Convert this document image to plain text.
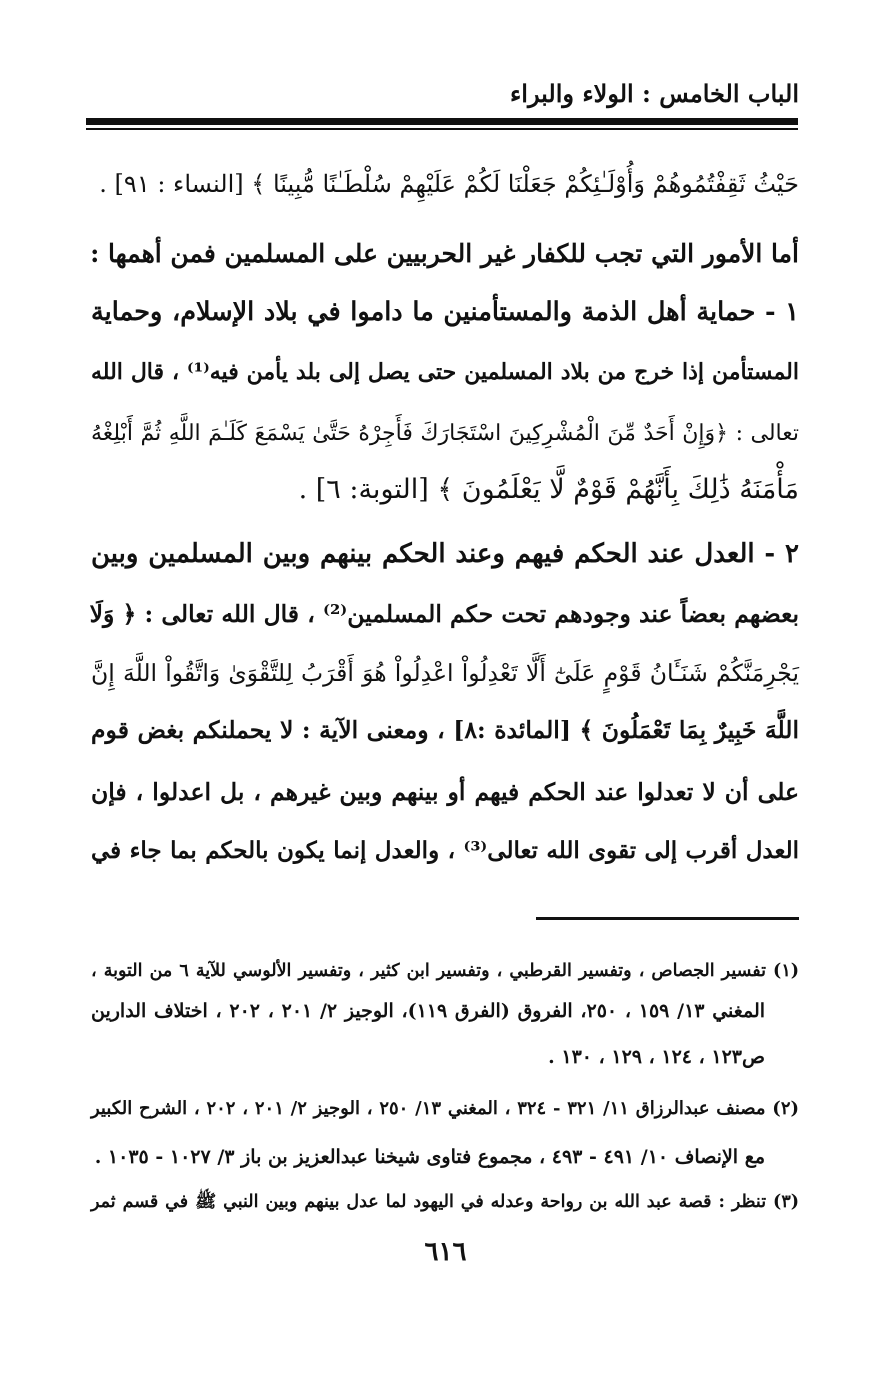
الباب الخامس : الولاء والبراء
حَيْثُ ثَقِفْتُمُوهُمْ وَأُوْلَـٰئِكُمْ جَعَلْنَا لَكُمْ عَلَيْهِمْ سُلْطَـٰنًا مُّبِينًا ﴾ [النساء : ٩١] .
أما الأمور التي تجب للكفار غير الحربيين على المسلمين فمن أهمها :
١ - حماية أهل الذمة والمستأمنين ما داموا في بلاد الإسلام، وحماية
المستأمن إذا خرج من بلاد المسلمين حتى يصل إلى بلد يأمن فيه⁽¹⁾ ، قال الله
تعالى : ﴿وَإِنْ أَحَدٌ مِّنَ الْمُشْرِكِينَ اسْتَجَارَكَ فَأَجِرْهُ حَتَّىٰ يَسْمَعَ كَلَـٰمَ اللَّهِ ثُمَّ أَبْلِغْهُ
مَأْمَنَهُ ذَٰلِكَ بِأَنَّهُمْ قَوْمٌ لَّا يَعْلَمُونَ ﴾ [التوبة: ٦] .
٢ - العدل عند الحكم فيهم وعند الحكم بينهم وبين المسلمين وبين
بعضهم بعضاً عند وجودهم تحت حكم المسلمين⁽²⁾ ، قال الله تعالى : ﴿ وَلَا
يَجْرِمَنَّكُمْ شَنَـَٔانُ قَوْمٍ عَلَىٰٓ أَلَّا تَعْدِلُواْ اعْدِلُواْ هُوَ أَقْرَبُ لِلتَّقْوَىٰ وَاتَّقُواْ اللَّهَ إِنَّ
اللَّهَ خَبِيرٌ بِمَا تَعْمَلُونَ ﴾ [المائدة :٨] ، ومعنى الآية : لا يحملنكم بغض قوم
على أن لا تعدلوا عند الحكم فيهم أو بينهم وبين غيرهم ، بل اعدلوا ، فإن
العدل أقرب إلى تقوى الله تعالى⁽³⁾ ، والعدل إنما يكون بالحكم بما جاء في
(١) تفسير الجصاص ، وتفسير القرطبي ، وتفسير ابن كثير ، وتفسير الألوسي للآية ٦ من التوبة ،
المغني ١٣/ ١٥٩ ، ٢٥٠، الفروق (الفرق ١١٩)، الوجيز ٢/ ٢٠١ ، ٢٠٢ ، اختلاف الدارين
ص١٢٣ ، ١٢٤ ، ١٢٩ ، ١٣٠ .
(٢) مصنف عبدالرزاق ١١/ ٣٢١ - ٣٢٤ ، المغني ١٣/ ٢٥٠ ، الوجيز ٢/ ٢٠١ ، ٢٠٢ ، الشرح الكبير
مع الإنصاف ١٠/ ٤٩١ - ٤٩٣ ، مجموع فتاوى شيخنا عبدالعزيز بن باز ٣/ ١٠٢٧ - ١٠٣٥ .
(٣) تنظر : قصة عبد الله بن رواحة وعدله في اليهود لما عدل بينهم وبين النبي ﷺ في قسم ثمر
٦١٦
